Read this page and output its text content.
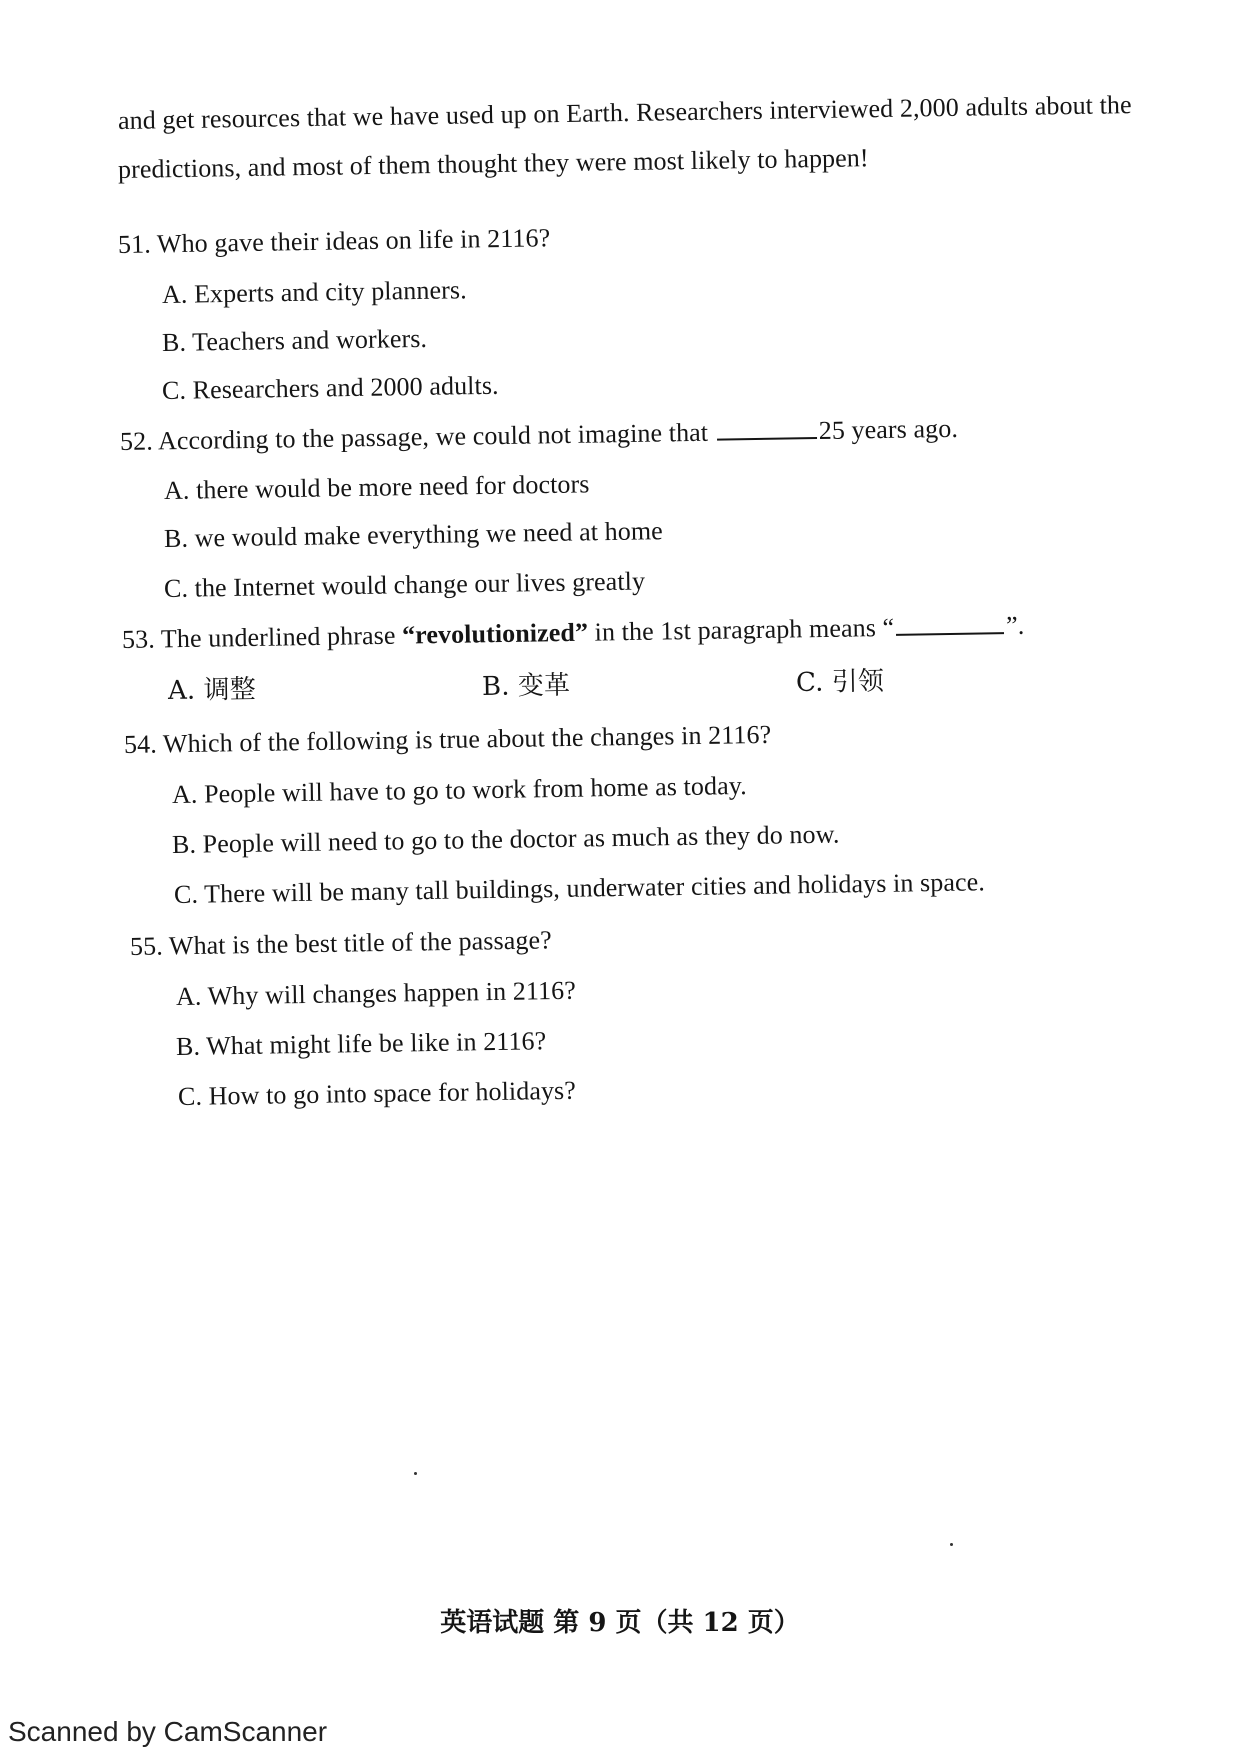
and get resources that we have used up on Earth. Researchers interviewed 2,000 adults about the
predictions, and most of them thought they were most likely to happen!
51. Who gave their ideas on life in 2116?
A. Experts and city planners.
B. Teachers and workers.
C. Researchers and 2000 adults.
52. According to the passage, we could not imagine that	25 years ago.
A. there would be more need for doctors
B. we would make everything we need at home
C. the Internet would change our lives greatly
53. The underlined phrase “revolutionized” in the 1st paragraph means “	”.
A. 调整	B. 变革	C. 引领
54. Which of the following is true about the changes in 2116?
A. People will have to go to work from home as today.
B. People will need to go to the doctor as much as they do now.
C. There will be many tall buildings, underwater cities and holidays in space.
55. What is the best title of the passage?
A. Why will changes happen in 2116?
B. What might life be like in 2116?
C. How to go into space for holidays?
英语试题 第 9 页（共 12 页）
Scanned by CamScanner
